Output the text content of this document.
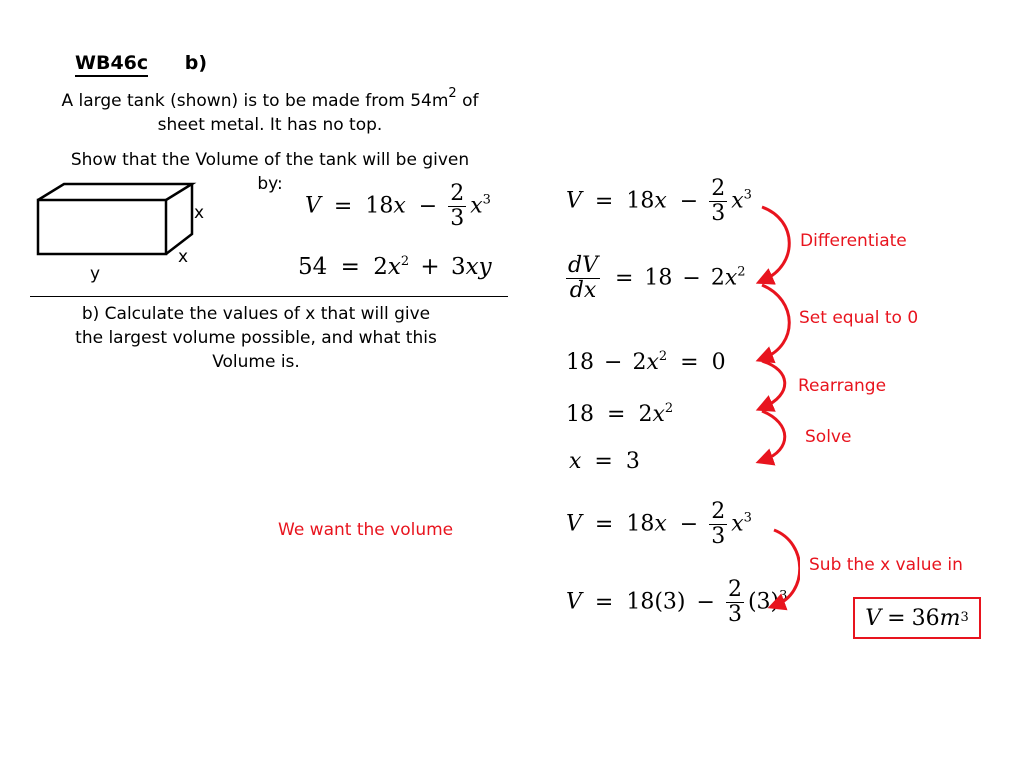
WB46c b)
A large tank (shown) is to be made from $54m^2$ of
sheet metal. It has no top.
Show that the Volume of the tank will be given
by:
x
x
y
$V = 18x - \frac{2}{3} x^3$
$54 = 2x^2 + 3xy$
b) Calculate the values of x that will give
the largest volume possible, and what this
Volume is.
We want the volume
$V = 18x - \frac{2}{3} x^3$
$\frac{dV}{dx} = 18 - 2x^2$
$18 - 2x^2 = 0$
$18 = 2x^2$
x = 3
$V = 18x - \frac{2}{3} x^3$
$V = 18(3) - \frac{2}{3} (3)^3$
Differentiate
Set equal to 0
Rearrange
Solve
Sub the x value in
V = 36 m 3
